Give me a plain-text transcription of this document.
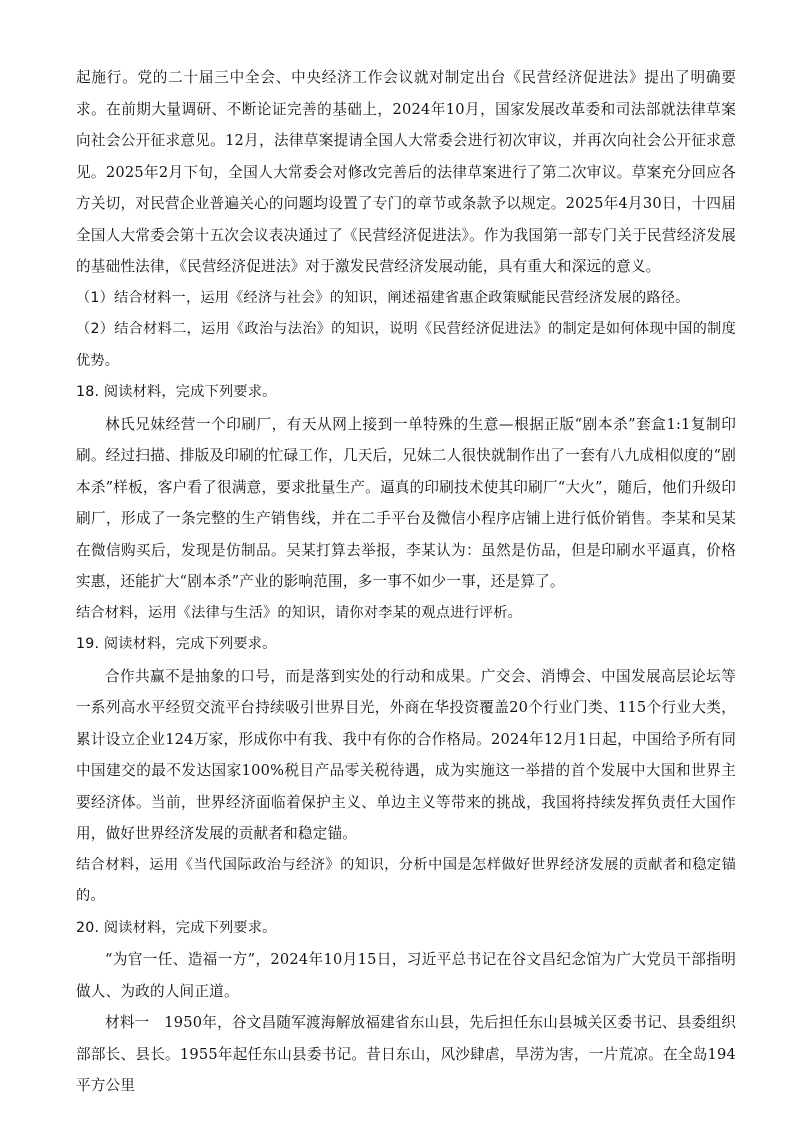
起施行。党的二十届三中全会、中央经济工作会议就对制定出台《民营经济促进法》提出了明确要求。在前期大量调研、不断论证完善的基础上，2024年10月，国家发展改革委和司法部就法律草案向社会公开征求意见。12月，法律草案提请全国人大常委会进行初次审议，并再次向社会公开征求意见。2025年2月下旬，全国人大常委会对修改完善后的法律草案进行了第二次审议。草案充分回应各方关切，对民营企业普遍关心的问题均设置了专门的章节或条款予以规定。2025年4月30日，十四届全国人大常委会第十五次会议表决通过了《民营经济促进法》。作为我国第一部专门关于民营经济发展的基础性法律，《民营经济促进法》对于激发民营经济发展动能，具有重大和深远的意义。

（1）结合材料一，运用《经济与社会》的知识，阐述福建省惠企政策赋能民营经济发展的路径。

（2）结合材料二，运用《政治与法治》的知识，说明《民营经济促进法》的制定是如何体现中国的制度优势。

18. 阅读材料，完成下列要求。

林氏兄妹经营一个印刷厂，有天从网上接到一单特殊的生意—根据正版“剧本杀”套盒1:1复制印刷。经过扫描、排版及印刷的忙碌工作，几天后，兄妹二人很快就制作出了一套有八九成相似度的“剧本杀”样板，客户看了很满意，要求批量生产。逼真的印刷技术使其印刷厂“大火”，随后，他们升级印刷厂，形成了一条完整的生产销售线，并在二手平台及微信小程序店铺上进行低价销售。李某和吴某在微信购买后，发现是仿制品。吴某打算去举报，李某认为：虽然是仿品，但是印刷水平逼真，价格实惠，还能扩大“剧本杀”产业的影响范围，多一事不如少一事，还是算了。

结合材料，运用《法律与生活》的知识，请你对李某的观点进行评析。

19. 阅读材料，完成下列要求。

合作共赢不是抽象的口号，而是落到实处的行动和成果。广交会、消博会、中国发展高层论坛等一系列高水平经贸交流平台持续吸引世界目光，外商在华投资覆盖20个行业门类、115个行业大类，累计设立企业124万家，形成你中有我、我中有你的合作格局。2024年12月1日起，中国给予所有同中国建交的最不发达国家100%税目产品零关税待遇，成为实施这一举措的首个发展中大国和世界主要经济体。当前，世界经济面临着保护主义、单边主义等带来的挑战，我国将持续发挥负责任大国作用，做好世界经济发展的贡献者和稳定锚。

结合材料，运用《当代国际政治与经济》的知识，分析中国是怎样做好世界经济发展的贡献者和稳定锚的。

20. 阅读材料，完成下列要求。

“为官一任、造福一方”，2024年10月15日，习近平总书记在谷文昌纪念馆为广大党员干部指明做人、为政的人间正道。

材料一　1950年，谷文昌随军渡海解放福建省东山县，先后担任东山县城关区委书记、县委组织部部长、县长。1955年起任东山县委书记。昔日东山，风沙肆虐，旱涝为害，一片荒凉。在全岛194平方公里
